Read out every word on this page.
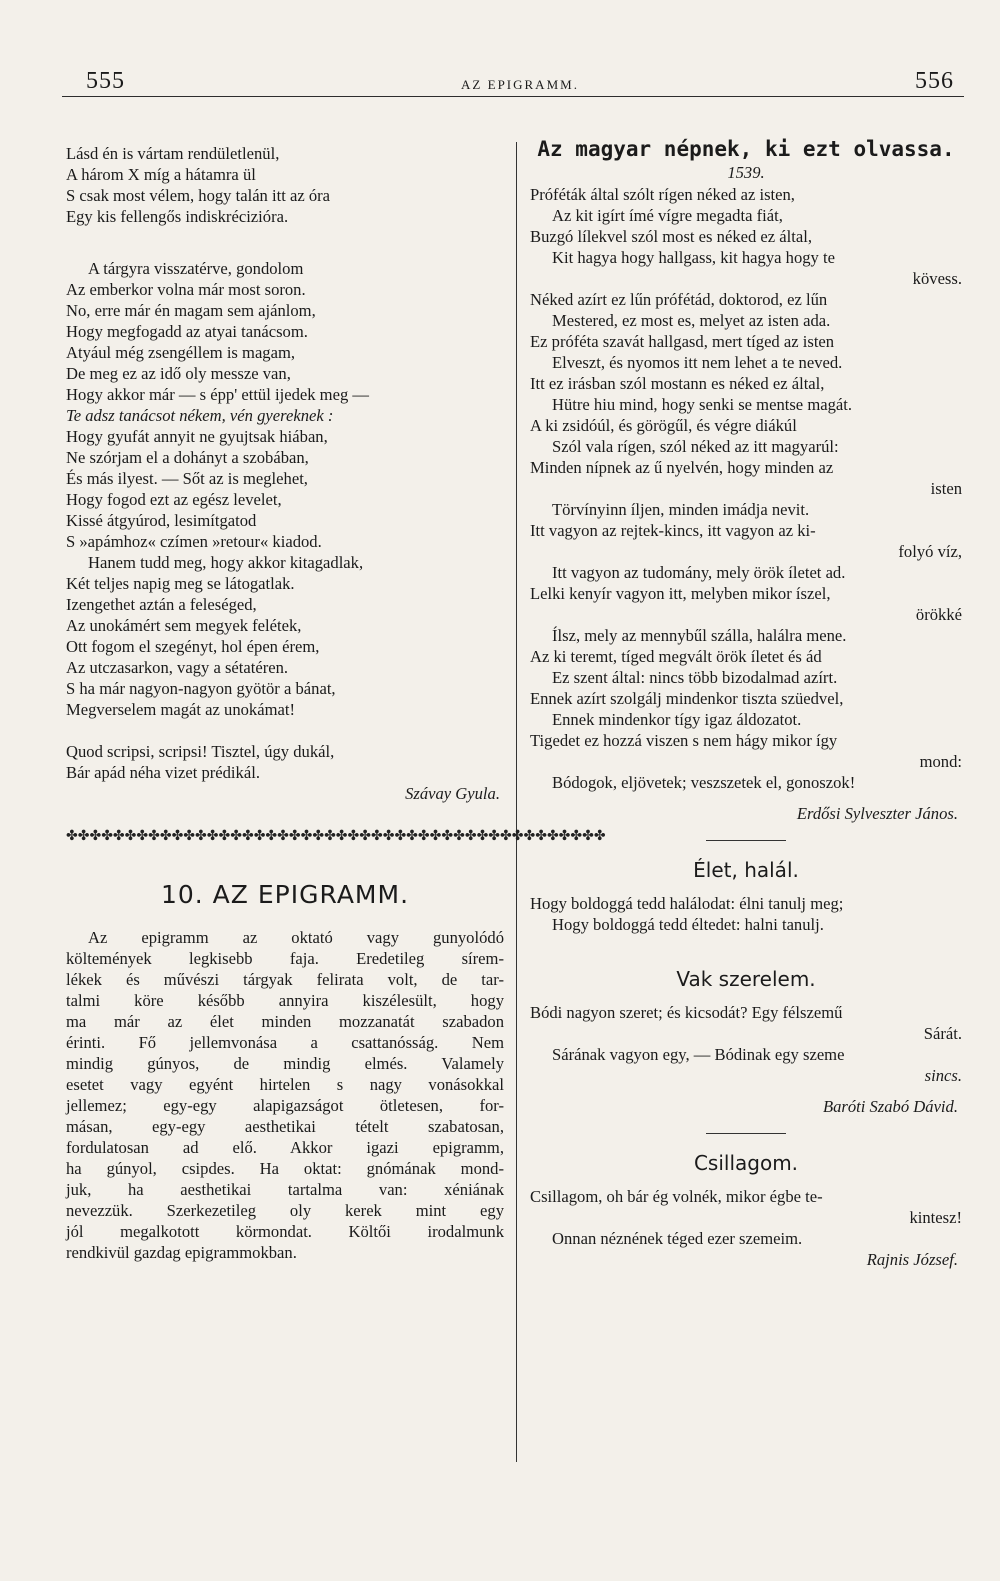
555	AZ EPIGRAMM.	556
Lásd én is vártam rendületlenül,
A három X míg a hátamra ül
S csak most vélem, hogy talán itt az óra
Egy kis fellengős indiskrécizióra.
A tárgyra visszatérve, gondolom
Az emberkor volna már most soron.
No, erre már én magam sem ajánlom,
Hogy megfogadd az atyai tanácsom.
Atyául még zsengéllem is magam,
De meg ez az idő oly messze van,
Hogy akkor már — s épp' ettül ijedek meg —
Te adsz tanácsot nékem, vén gyereknek :
Hogy gyufát annyit ne gyujtsak hiában,
Ne szórjam el a dohányt a szobában,
És más ilyest. — Sőt az is meglehet,
Hogy fogod ezt az egész levelet,
Kissé átgyúrod, lesimítgatod
S »apámhoz« czímen »retour« kiadod.
Hanem tudd meg, hogy akkor kitagadlak,
Két teljes napig meg se látogatlak.
Izengethet aztán a feleséged,
Az unokámért sem megyek felétek,
Ott fogom el szegényt, hol épen érem,
Az utczasarkon, vagy a sétatéren.
S ha már nagyon-nagyon gyötör a bánat,
Megverselem magát az unokámat!
Quod scripsi, scripsi! Tisztel, úgy dukál,
Bár apád néha vizet prédikál.
Szávay Gyula.
✤✤✤✤✤✤✤✤✤✤✤✤✤✤✤✤✤✤✤✤✤✤✤✤✤✤✤✤✤✤✤✤✤✤✤✤✤✤✤✤✤✤✤✤✤✤
10. AZ EPIGRAMM.
Az epigramm az oktató vagy gunyolódó
költemények legkisebb faja. Eredetileg sírem-
lékek és művészi tárgyak felirata volt, de tar-
talmi köre később annyira kiszélesült, hogy
ma már az élet minden mozzanatát szabadon
érinti. Fő jellemvonása a csattanósság. Nem
mindig gúnyos, de mindig elmés. Valamely
esetet vagy egyént hirtelen s nagy vonásokkal
jellemez; egy-egy alapigazságot ötletesen, for-
másan, egy-egy aesthetikai tételt szabatosan,
fordulatosan ad elő. Akkor igazi epigramm,
ha gúnyol, csipdes. Ha oktat: gnómának mond-
juk, ha aesthetikai tartalma van: xéniának
nevezzük. Szerkezetileg oly kerek mint egy
jól megalkotott körmondat. Költői irodalmunk
rendkivül gazdag epigrammokban.
Az magyar népnek, ki ezt olvassa.
1539.
Próféták által szólt rígen néked az isten,
Az kit igírt ímé vígre megadta fiát,
Buzgó lílekvel szól most es néked ez által,
Kit hagya hogy hallgass, kit hagya hogy te
kövess.
Néked azírt ez lűn prófétád, doktorod, ez lűn
Mestered, ez most es, melyet az isten ada.
Ez próféta szavát hallgasd, mert tíged az isten
Elveszt, és nyomos itt nem lehet a te neved.
Itt ez irásban szól mostann es néked ez által,
Hütre hiu mind, hogy senki se mentse magát.
A ki zsidóúl, és görögűl, és végre diákúl
Szól vala rígen, szól néked az itt magyarúl:
Minden nípnek az ű nyelvén, hogy minden az
isten
Törvínyinn íljen, minden imádja nevit.
Itt vagyon az rejtek-kincs, itt vagyon az ki-
folyó víz,
Itt vagyon az tudomány, mely örök íletet ad.
Lelki kenyír vagyon itt, melyben mikor íszel,
örökké
Ílsz, mely az mennybűl szálla, halálra mene.
Az ki teremt, tíged megvált örök íletet és ád
Ez szent által: nincs több bizodalmad azírt.
Ennek azírt szolgálj mindenkor tiszta szüedvel,
Ennek mindenkor tígy igaz áldozatot.
Tigedet ez hozzá viszen s nem hágy mikor így
mond:
Bódogok, eljövetek; veszszetek el, gonoszok!
Erdősi Sylveszter János.
Élet, halál.
Hogy boldoggá tedd halálodat: élni tanulj meg;
Hogy boldoggá tedd éltedet: halni tanulj.
Vak szerelem.
Bódi nagyon szeret; és kicsodát? Egy félszemű
Sárát.
Sárának vagyon egy, — Bódinak egy szeme
sincs.
Baróti Szabó Dávid.
Csillagom.
Csillagom, oh bár ég volnék, mikor égbe te-
kintesz!
Onnan néznének téged ezer szemeim.
Rajnis József.
